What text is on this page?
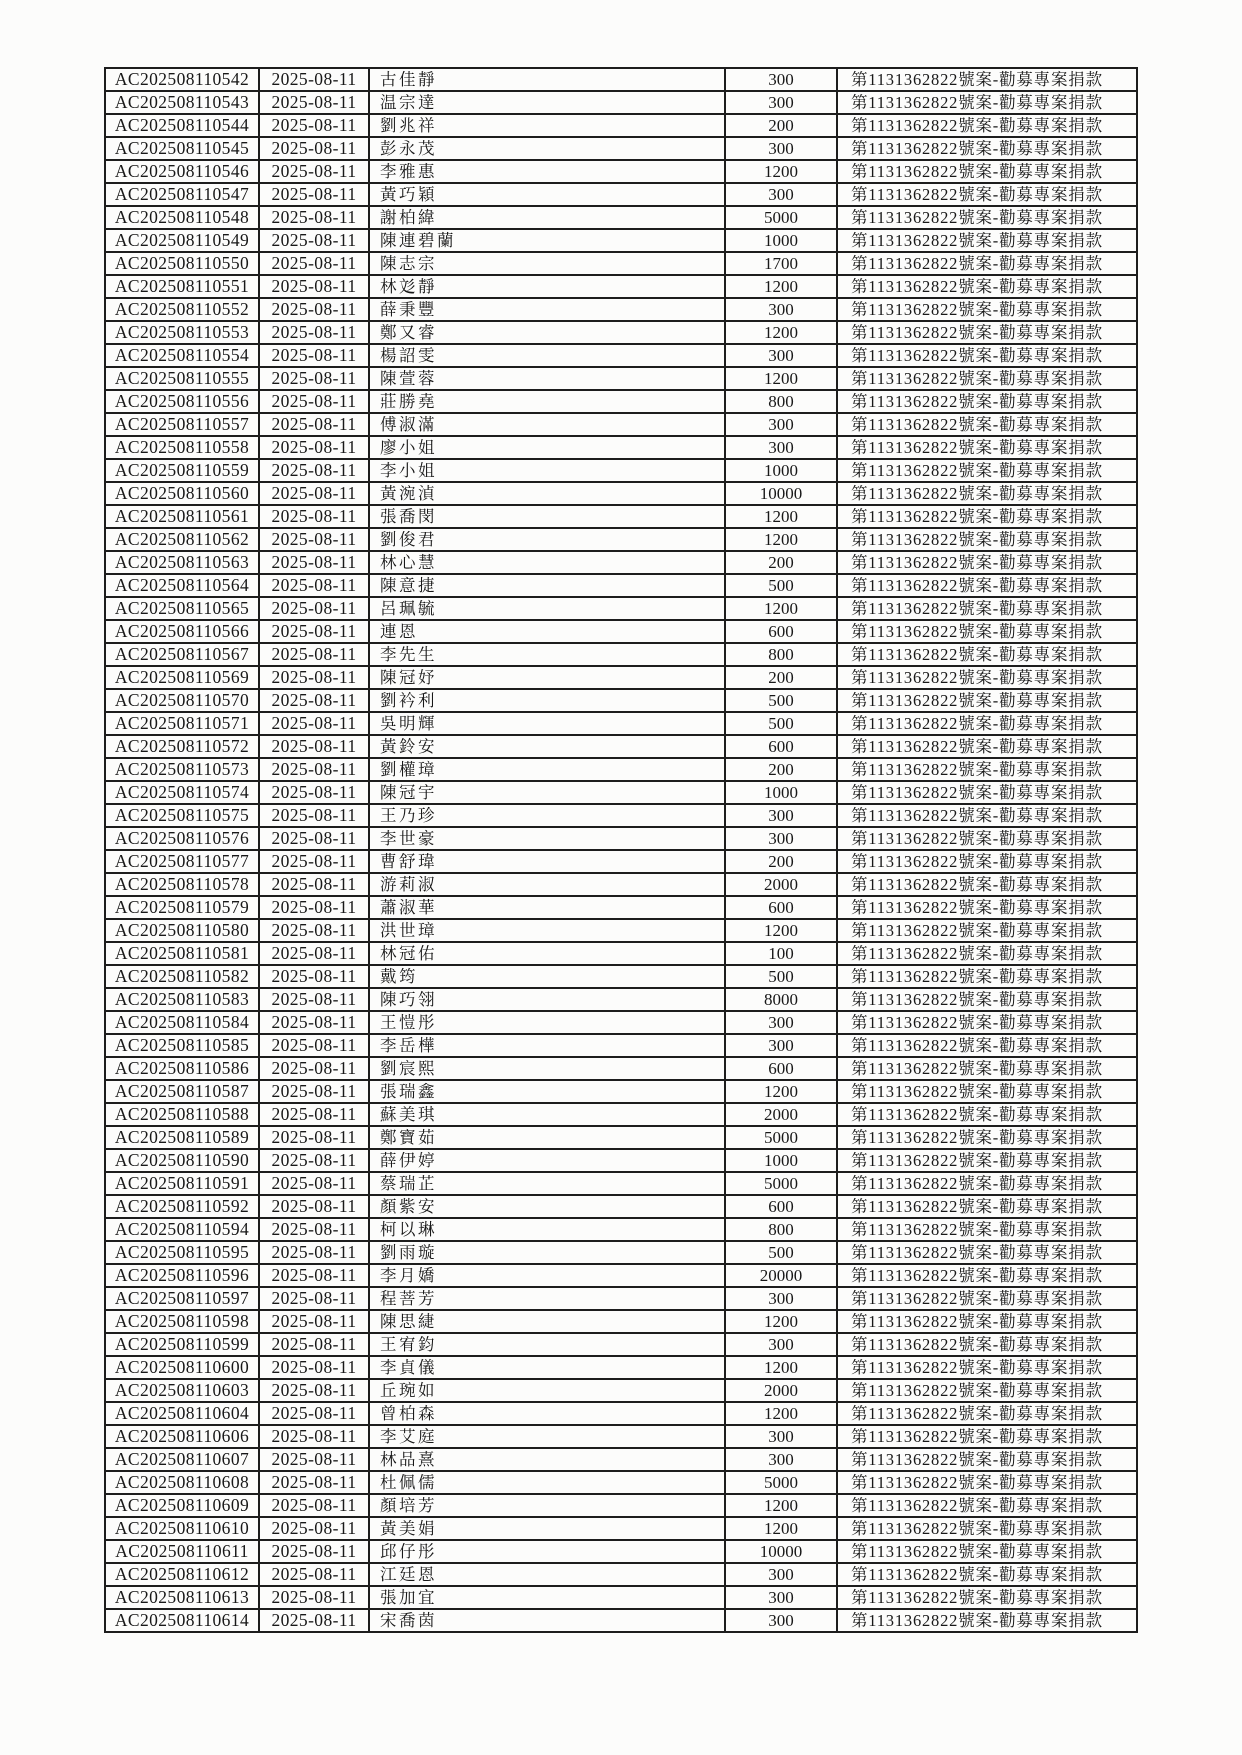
AC202508110542	2025-08-11	古佳靜	300	第1131362822號案-勸募專案捐款
AC202508110543	2025-08-11	温宗達	300	第1131362822號案-勸募專案捐款
AC202508110544	2025-08-11	劉兆祥	200	第1131362822號案-勸募專案捐款
AC202508110545	2025-08-11	彭永茂	300	第1131362822號案-勸募專案捐款
AC202508110546	2025-08-11	李雅惠	1200	第1131362822號案-勸募專案捐款
AC202508110547	2025-08-11	黃巧穎	300	第1131362822號案-勸募專案捐款
AC202508110548	2025-08-11	謝柏緯	5000	第1131362822號案-勸募專案捐款
AC202508110549	2025-08-11	陳連碧蘭	1000	第1131362822號案-勸募專案捐款
AC202508110550	2025-08-11	陳志宗	1700	第1131362822號案-勸募專案捐款
AC202508110551	2025-08-11	林彣靜	1200	第1131362822號案-勸募專案捐款
AC202508110552	2025-08-11	薛秉豐	300	第1131362822號案-勸募專案捐款
AC202508110553	2025-08-11	鄭又睿	1200	第1131362822號案-勸募專案捐款
AC202508110554	2025-08-11	楊詔雯	300	第1131362822號案-勸募專案捐款
AC202508110555	2025-08-11	陳萱蓉	1200	第1131362822號案-勸募專案捐款
AC202508110556	2025-08-11	莊勝堯	800	第1131362822號案-勸募專案捐款
AC202508110557	2025-08-11	傅淑滿	300	第1131362822號案-勸募專案捐款
AC202508110558	2025-08-11	廖小姐	300	第1131362822號案-勸募專案捐款
AC202508110559	2025-08-11	李小姐	1000	第1131362822號案-勸募專案捐款
AC202508110560	2025-08-11	黃涴湞	10000	第1131362822號案-勸募專案捐款
AC202508110561	2025-08-11	張喬閔	1200	第1131362822號案-勸募專案捐款
AC202508110562	2025-08-11	劉俊君	1200	第1131362822號案-勸募專案捐款
AC202508110563	2025-08-11	林心慧	200	第1131362822號案-勸募專案捐款
AC202508110564	2025-08-11	陳意捷	500	第1131362822號案-勸募專案捐款
AC202508110565	2025-08-11	呂珮毓	1200	第1131362822號案-勸募專案捐款
AC202508110566	2025-08-11	連恩	600	第1131362822號案-勸募專案捐款
AC202508110567	2025-08-11	李先生	800	第1131362822號案-勸募專案捐款
AC202508110569	2025-08-11	陳冠妤	200	第1131362822號案-勸募專案捐款
AC202508110570	2025-08-11	劉衿利	500	第1131362822號案-勸募專案捐款
AC202508110571	2025-08-11	吳明輝	500	第1131362822號案-勸募專案捐款
AC202508110572	2025-08-11	黃鈴安	600	第1131362822號案-勸募專案捐款
AC202508110573	2025-08-11	劉權璋	200	第1131362822號案-勸募專案捐款
AC202508110574	2025-08-11	陳冠宇	1000	第1131362822號案-勸募專案捐款
AC202508110575	2025-08-11	王乃珍	300	第1131362822號案-勸募專案捐款
AC202508110576	2025-08-11	李世豪	300	第1131362822號案-勸募專案捐款
AC202508110577	2025-08-11	曹舒瑋	200	第1131362822號案-勸募專案捐款
AC202508110578	2025-08-11	游莉淑	2000	第1131362822號案-勸募專案捐款
AC202508110579	2025-08-11	蕭淑華	600	第1131362822號案-勸募專案捐款
AC202508110580	2025-08-11	洪世璋	1200	第1131362822號案-勸募專案捐款
AC202508110581	2025-08-11	林冠佑	100	第1131362822號案-勸募專案捐款
AC202508110582	2025-08-11	戴筠	500	第1131362822號案-勸募專案捐款
AC202508110583	2025-08-11	陳巧翎	8000	第1131362822號案-勸募專案捐款
AC202508110584	2025-08-11	王愷彤	300	第1131362822號案-勸募專案捐款
AC202508110585	2025-08-11	李岳樺	300	第1131362822號案-勸募專案捐款
AC202508110586	2025-08-11	劉宸熙	600	第1131362822號案-勸募專案捐款
AC202508110587	2025-08-11	張瑞鑫	1200	第1131362822號案-勸募專案捐款
AC202508110588	2025-08-11	蘇美琪	2000	第1131362822號案-勸募專案捐款
AC202508110589	2025-08-11	鄭寶茹	5000	第1131362822號案-勸募專案捐款
AC202508110590	2025-08-11	薛伊婷	1000	第1131362822號案-勸募專案捐款
AC202508110591	2025-08-11	蔡瑞芷	5000	第1131362822號案-勸募專案捐款
AC202508110592	2025-08-11	顏紫安	600	第1131362822號案-勸募專案捐款
AC202508110594	2025-08-11	柯以琳	800	第1131362822號案-勸募專案捐款
AC202508110595	2025-08-11	劉雨璇	500	第1131362822號案-勸募專案捐款
AC202508110596	2025-08-11	李月嬌	20000	第1131362822號案-勸募專案捐款
AC202508110597	2025-08-11	程菩芳	300	第1131362822號案-勸募專案捐款
AC202508110598	2025-08-11	陳思緁	1200	第1131362822號案-勸募專案捐款
AC202508110599	2025-08-11	王宥鈞	300	第1131362822號案-勸募專案捐款
AC202508110600	2025-08-11	李貞儀	1200	第1131362822號案-勸募專案捐款
AC202508110603	2025-08-11	丘琬如	2000	第1131362822號案-勸募專案捐款
AC202508110604	2025-08-11	曾柏森	1200	第1131362822號案-勸募專案捐款
AC202508110606	2025-08-11	李艾庭	300	第1131362822號案-勸募專案捐款
AC202508110607	2025-08-11	林品熹	300	第1131362822號案-勸募專案捐款
AC202508110608	2025-08-11	杜佩儒	5000	第1131362822號案-勸募專案捐款
AC202508110609	2025-08-11	顏培芳	1200	第1131362822號案-勸募專案捐款
AC202508110610	2025-08-11	黃美娟	1200	第1131362822號案-勸募專案捐款
AC202508110611	2025-08-11	邱仔彤	10000	第1131362822號案-勸募專案捐款
AC202508110612	2025-08-11	江廷恩	300	第1131362822號案-勸募專案捐款
AC202508110613	2025-08-11	張加宜	300	第1131362822號案-勸募專案捐款
AC202508110614	2025-08-11	宋喬茵	300	第1131362822號案-勸募專案捐款
